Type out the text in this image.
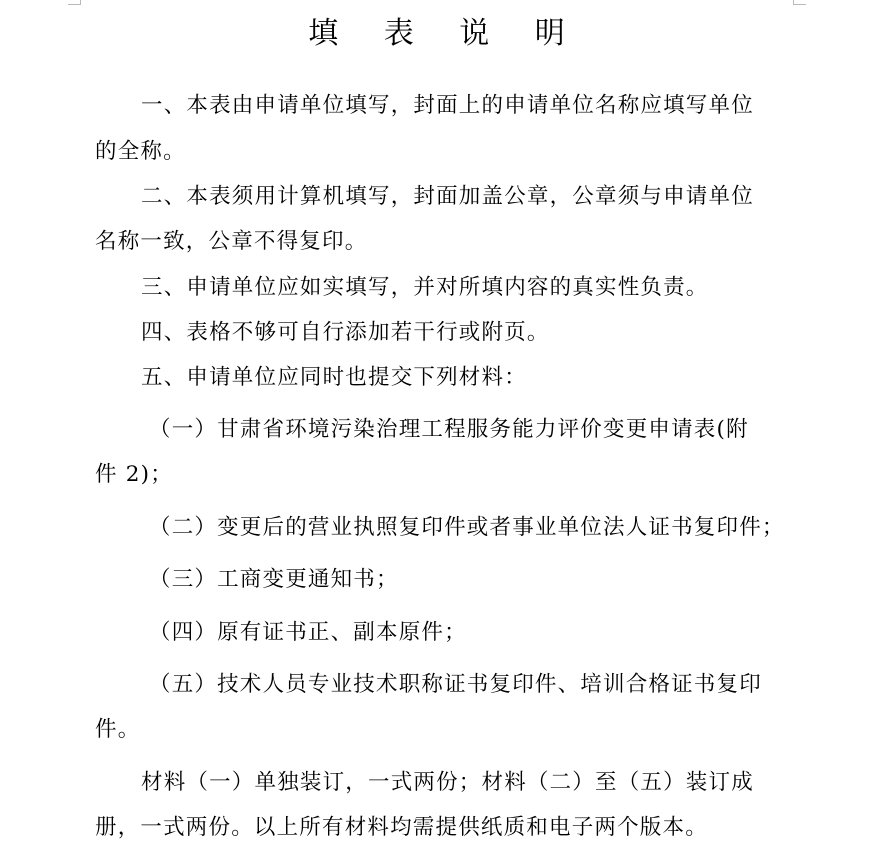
填 表 说 明
一、本表由申请单位填写，封面上的申请单位名称应填写单位
的全称。
二、本表须用计算机填写，封面加盖公章，公章须与申请单位
名称一致，公章不得复印。
三、申请单位应如实填写，并对所填内容的真实性负责。
四、表格不够可自行添加若干行或附页。
五、申请单位应同时也提交下列材料：
（一）甘肃省环境污染治理工程服务能力评价变更申请表(附
件 2)；
（二）变更后的营业执照复印件或者事业单位法人证书复印件；
（三）工商变更通知书；
（四）原有证书正、副本原件；
（五）技术人员专业技术职称证书复印件、培训合格证书复印
件。
材料（一）单独装订，一式两份；材料（二）至（五）装订成
册，一式两份。以上所有材料均需提供纸质和电子两个版本。
